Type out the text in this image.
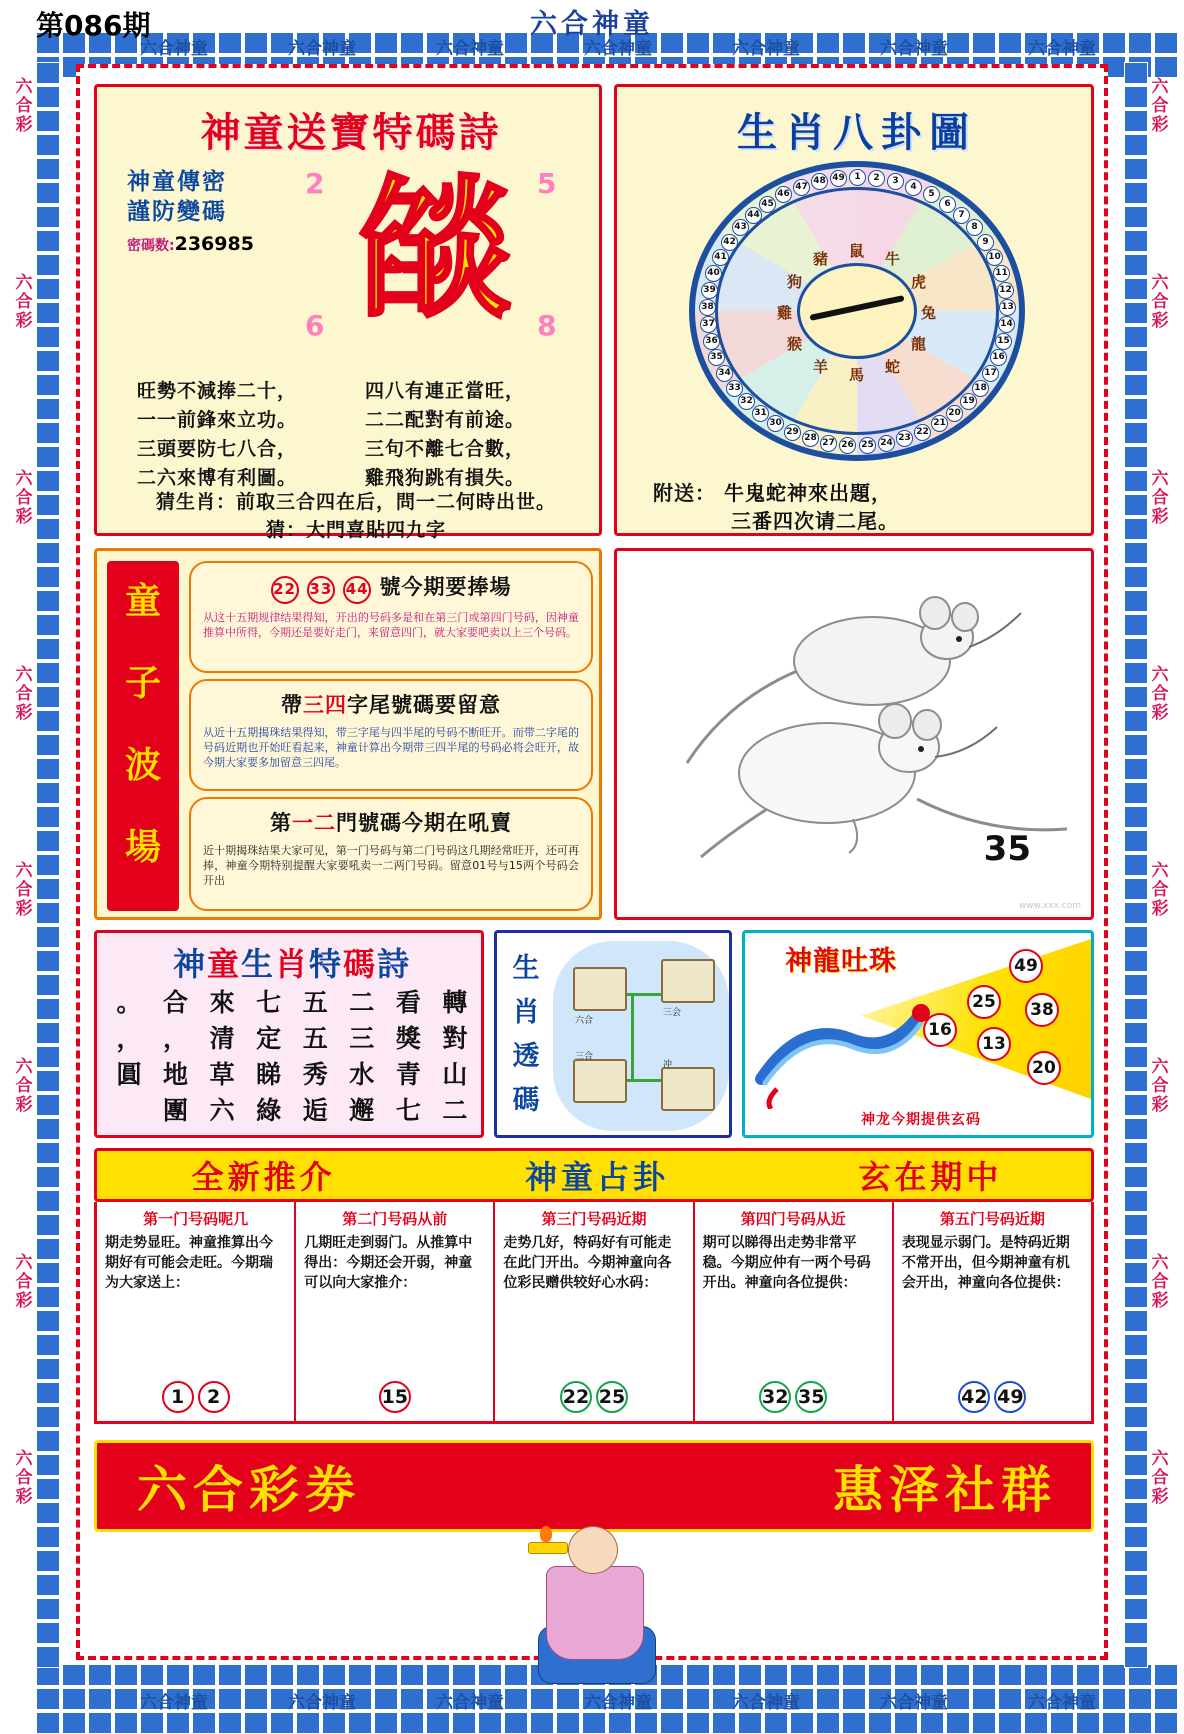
六
合
彩
六
合
彩
六
合
彩
六
合
彩
六
合
彩
六
合
彩
六
合
彩
六
合
彩
六
合
彩
六
合
彩
六
合
彩
六
合
彩
六
合
彩
六
合
彩
六
合
彩
六
合
彩
六合神童	六合神童	六合神童	六合神童	六合神童	六合神童	六合神童
六合神童	六合神童	六合神童	六合神童	六合神童	六合神童	六合神童
第086期	六合神童
神童送寶特碼詩
神童傳密
謹防變碼
密碼数:236985 燄
2	5
6	8
旺勢不減捧二十，
一一前鋒來立功。
三頭要防七八合，
二六來博有利圖。
四八有連正當旺，
二二配對有前途。
三句不離七合數，
雞飛狗跳有損失。
猜生肖：前取三合四在后，問一二何時出世。
猜：大門喜貼四九字
生肖八卦圖
1	2	3
4
5
6
7
8
9
10
11
12
13
14
15
16
17
18
19
20
21
22
23
24
25
26
27
28
29
30
31
32
33
34
35
36
37
38
39
40
41
42
43
44
45
46
47
48 49
鼠 牛
虎
兔
龍
蛇
馬
羊
猴
雞
狗
豬
附送： 牛鬼蛇神來出題，
三番四次请二尾。
童
子
波
場
22 33 44 號今期要捧場
从这十五期规律结果得知，开出的号码多是和在第三门或第四门号码，因神童推算中所得，今期还是要好走门，来留意四门，就大家要吧卖以上三个号码。
帶三四字尾號碼要留意
从近十五期揭珠结果得知，带三字尾与四半尾的号码不断旺开。而带二字尾的号码近期也开始旺看起来，神童计算出今期带三四半尾的号码必将会旺开，故今期大家要多加留意三四尾。
第一二門號碼今期在吼賣
近十期揭珠结果大家可见，第一门号码与第二门号码这几期经常旺开，还可再捧，神童今期特别提醒大家要吼卖一二两门号码。留意01号与15两个号码会开出
35
www.xxx.com
神童生肖特碼詩
轉
對
山
二
看
獎
青
七
二
三
水
邂
五
五
秀
逅
七
定
睇
綠
來
清
草
六
合
，
地
團
。
，
圓
生
肖
透
碼
六合
三会
三合
冲
神龍吐珠	49
25	38
16
13
20
神龙今期提供玄码
全新推介	神童占卦	玄在期中
第一门号码呢几
期走势显旺。神童推算出今期好有可能会走旺。今期瑞为大家送上：
1 2
第二门号码从前
几期旺走到弱门。从推算中得出：今期还会开弱，神童可以向大家推介：
15
第三门号码近期
走势几好，特码好有可能走在此门开出。今期神童向各位彩民赠供较好心水码：
22 25
第四门号码从近
期可以睇得出走势非常平稳。今期应仲有一两个号码开出。神童向各位提供：
32 35
第五门号码近期
表现显示弱门。是特码近期不常开出，但今期神童有机会开出，神童向各位提供：
42 49
六合彩劵	惠泽社群
